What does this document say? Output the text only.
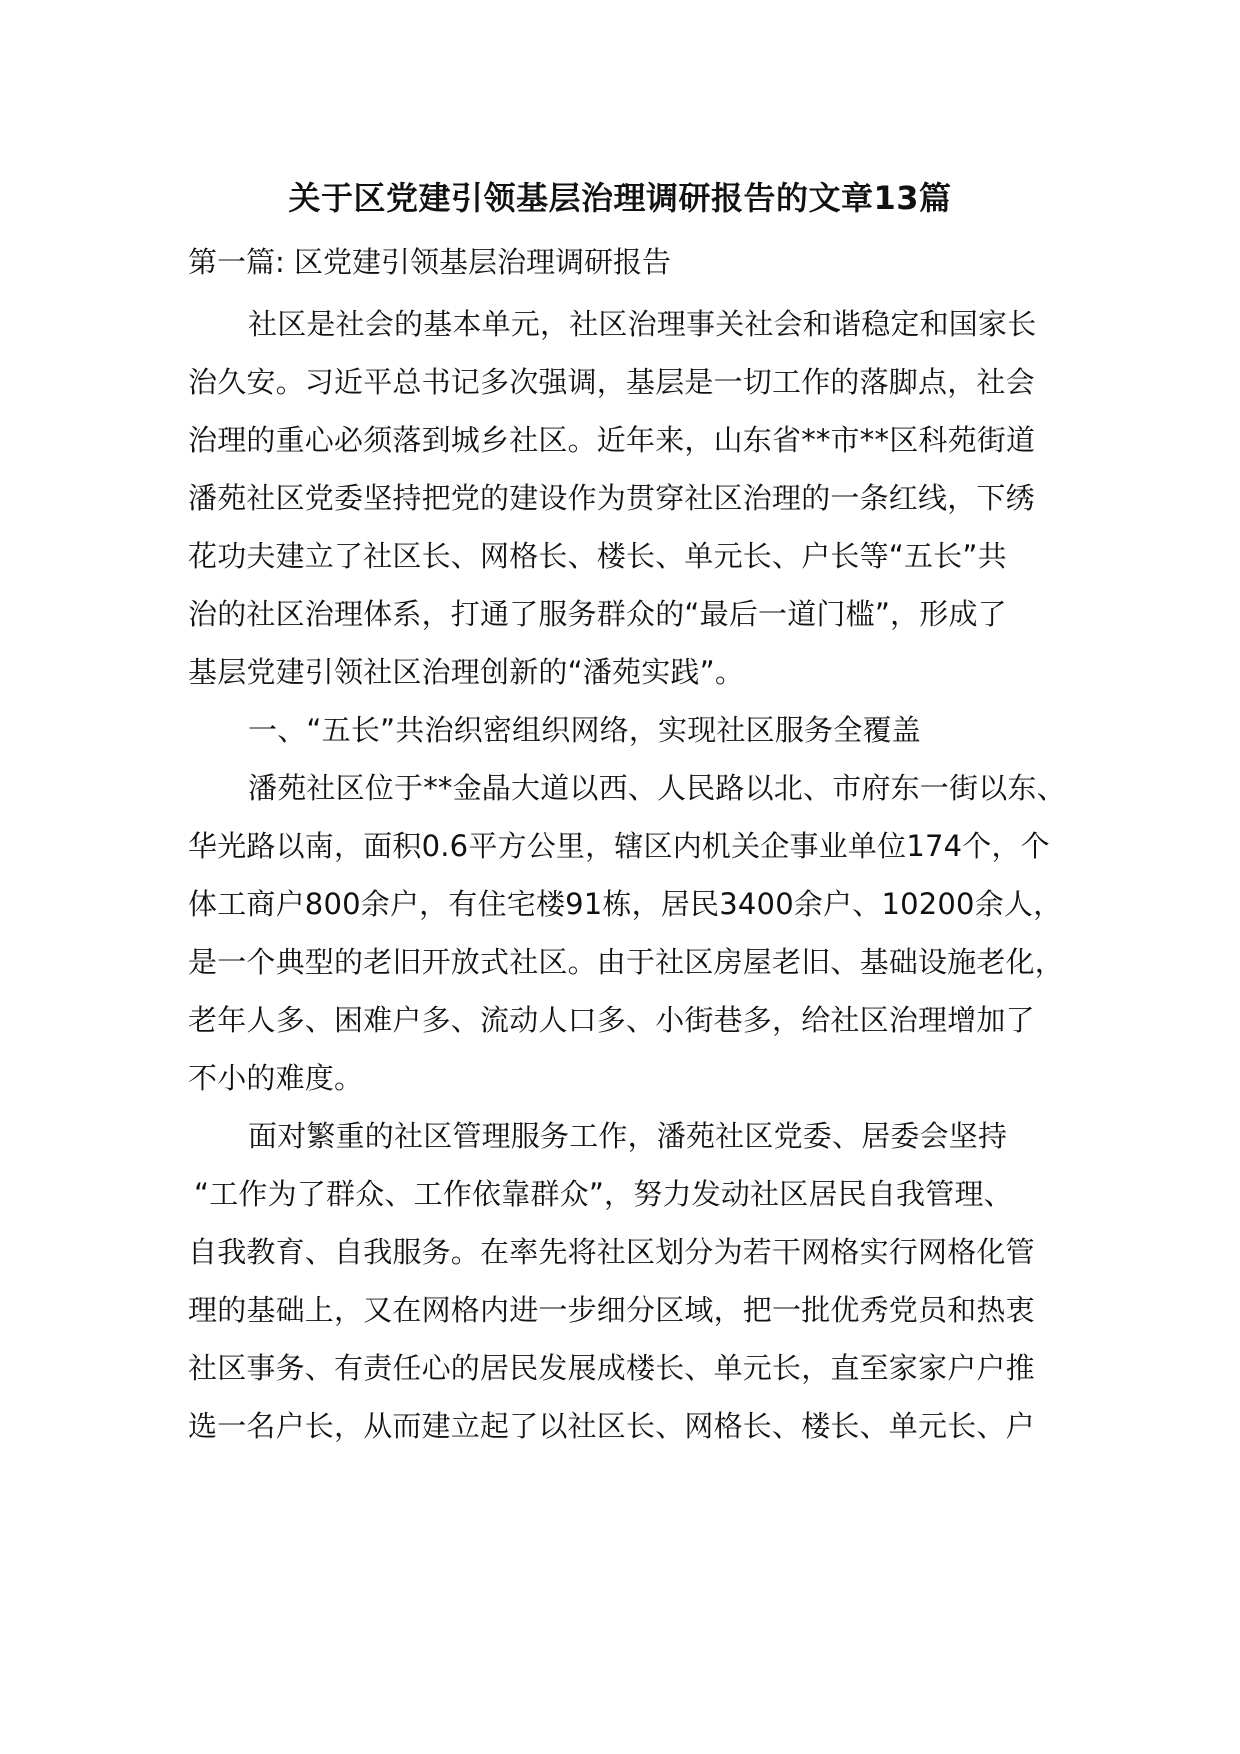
关于区党建引领基层治理调研报告的文章13篇
第一篇: 区党建引领基层治理调研报告
社区是社会的基本单元，社区治理事关社会和谐稳定和国家长
治久安。习近平总书记多次强调，基层是一切工作的落脚点，社会
治理的重心必须落到城乡社区。近年来，山东省**市**区科苑街道
潘苑社区党委坚持把党的建设作为贯穿社区治理的一条红线，下绣
花功夫建立了社区长、网格长、楼长、单元长、户长等“五长”共
治的社区治理体系，打通了服务群众的“最后一道门槛”，形成了
基层党建引领社区治理创新的“潘苑实践”。
一、“五长”共治织密组织网络，实现社区服务全覆盖
潘苑社区位于**金晶大道以西、人民路以北、市府东一街以东、
华光路以南，面积0.6平方公里，辖区内机关企事业单位174个，个
体工商户800余户，有住宅楼91栋，居民3400余户、10200余人，
是一个典型的老旧开放式社区。由于社区房屋老旧、基础设施老化，
老年人多、困难户多、流动人口多、小街巷多，给社区治理增加了
不小的难度。
面对繁重的社区管理服务工作，潘苑社区党委、居委会坚持
“工作为了群众、工作依靠群众”，努力发动社区居民自我管理、
自我教育、自我服务。在率先将社区划分为若干网格实行网格化管
理的基础上，又在网格内进一步细分区域，把一批优秀党员和热衷
社区事务、有责任心的居民发展成楼长、单元长，直至家家户户推
选一名户长，从而建立起了以社区长、网格长、楼长、单元长、户
